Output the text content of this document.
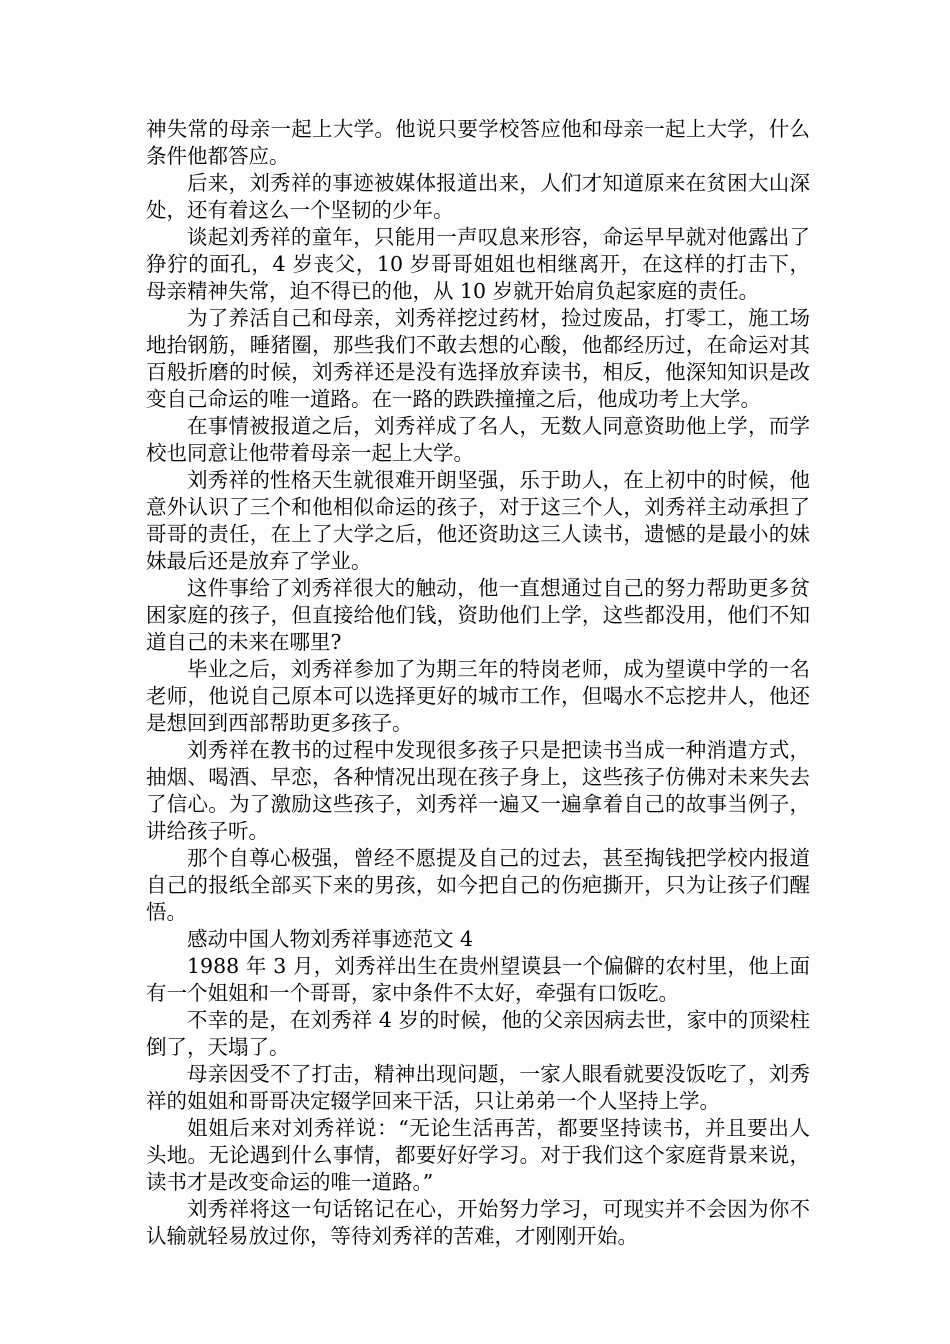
神失常的母亲一起上大学。他说只要学校答应他和母亲一起上大学，什么条件他都答应。

后来，刘秀祥的事迹被媒体报道出来，人们才知道原来在贫困大山深处，还有着这么一个坚韧的少年。

谈起刘秀祥的童年，只能用一声叹息来形容，命运早早就对他露出了狰狞的面孔，4 岁丧父，10 岁哥哥姐姐也相继离开，在这样的打击下，母亲精神失常，迫不得已的他，从 10 岁就开始肩负起家庭的责任。

为了养活自己和母亲，刘秀祥挖过药材，捡过废品，打零工，施工场地抬钢筋，睡猪圈，那些我们不敢去想的心酸，他都经历过，在命运对其百般折磨的时候，刘秀祥还是没有选择放弃读书，相反，他深知知识是改变自己命运的唯一道路。在一路的跌跌撞撞之后，他成功考上大学。

在事情被报道之后，刘秀祥成了名人，无数人同意资助他上学，而学校也同意让他带着母亲一起上大学。

刘秀祥的性格天生就很难开朗坚强，乐于助人，在上初中的时候，他意外认识了三个和他相似命运的孩子，对于这三个人，刘秀祥主动承担了哥哥的责任，在上了大学之后，他还资助这三人读书，遗憾的是最小的妹妹最后还是放弃了学业。

这件事给了刘秀祥很大的触动，他一直想通过自己的努力帮助更多贫困家庭的孩子，但直接给他们钱，资助他们上学，这些都没用，他们不知道自己的未来在哪里?

毕业之后，刘秀祥参加了为期三年的特岗老师，成为望谟中学的一名老师，他说自己原本可以选择更好的城市工作，但喝水不忘挖井人，他还是想回到西部帮助更多孩子。

刘秀祥在教书的过程中发现很多孩子只是把读书当成一种消遣方式，抽烟、喝酒、早恋，各种情况出现在孩子身上，这些孩子仿佛对未来失去了信心。为了激励这些孩子，刘秀祥一遍又一遍拿着自己的故事当例子，讲给孩子听。

那个自尊心极强，曾经不愿提及自己的过去，甚至掏钱把学校内报道自己的报纸全部买下来的男孩，如今把自己的伤疤撕开，只为让孩子们醒悟。

感动中国人物刘秀祥事迹范文 4

1988 年 3 月，刘秀祥出生在贵州望谟县一个偏僻的农村里，他上面有一个姐姐和一个哥哥，家中条件不太好，牵强有口饭吃。

不幸的是，在刘秀祥 4 岁的时候，他的父亲因病去世，家中的顶梁柱倒了，天塌了。

母亲因受不了打击，精神出现问题，一家人眼看就要没饭吃了，刘秀祥的姐姐和哥哥决定辍学回来干活，只让弟弟一个人坚持上学。

姐姐后来对刘秀祥说：“无论生活再苦，都要坚持读书，并且要出人头地。无论遇到什么事情，都要好好学习。对于我们这个家庭背景来说，读书才是改变命运的唯一道路。”

刘秀祥将这一句话铭记在心，开始努力学习，可现实并不会因为你不认输就轻易放过你，等待刘秀祥的苦难，才刚刚开始。
